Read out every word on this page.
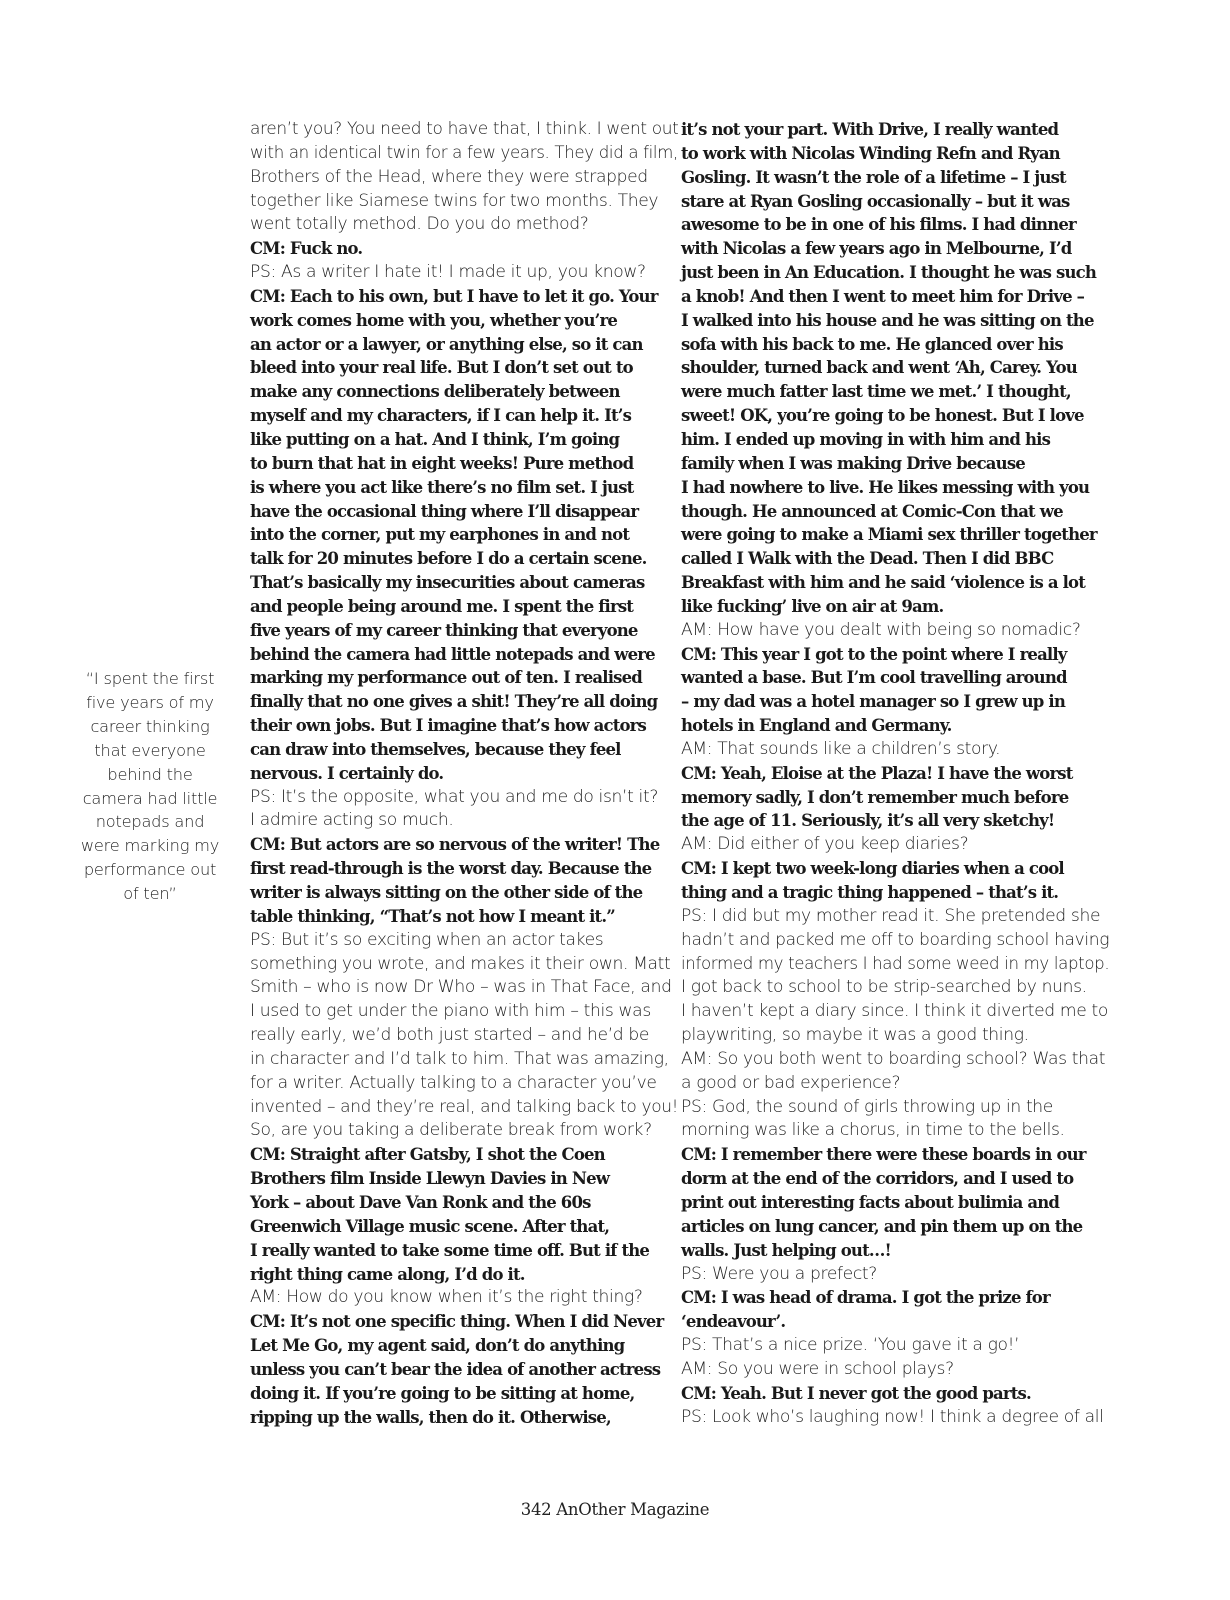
“I spent the first
five years of my
career thinking
that everyone
behind the
camera had little
notepads and
were marking my
performance out
of ten”
aren’t you? You need to have that, I think. I went out
with an identical twin for a few years. They did a film,
Brothers of the Head, where they were strapped
together like Siamese twins for two months. They
went totally method. Do you do method?
CM: Fuck no.
PS: As a writer I hate it! I made it up, you know?
CM: Each to his own, but I have to let it go. Your
work comes home with you, whether you’re
an actor or a lawyer, or anything else, so it can
bleed into your real life. But I don’t set out to
make any connections deliberately between
myself and my characters, if I can help it. It’s
like putting on a hat. And I think, I’m going
to burn that hat in eight weeks! Pure method
is where you act like there’s no film set. I just
have the occasional thing where I’ll disappear
into the corner, put my earphones in and not
talk for 20 minutes before I do a certain scene.
That’s basically my insecurities about cameras
and people being around me. I spent the first
five years of my career thinking that everyone
behind the camera had little notepads and were
marking my performance out of ten. I realised
finally that no one gives a shit! They’re all doing
their own jobs. But I imagine that’s how actors
can draw into themselves, because they feel
nervous. I certainly do.
PS: It’s the opposite, what you and me do isn’t it?
I admire acting so much.
CM: But actors are so nervous of the writer! The
first read-through is the worst day. Because the
writer is always sitting on the other side of the
table thinking, “That’s not how I meant it.”
PS: But it’s so exciting when an actor takes
something you wrote, and makes it their own. Matt
Smith – who is now Dr Who – was in That Face, and
I used to get under the piano with him – this was
really early, we’d both just started – and he’d be
in character and I’d talk to him. That was amazing,
for a writer. Actually talking to a character you’ve
invented – and they’re real, and talking back to you!
So, are you taking a deliberate break from work?
CM: Straight after Gatsby, I shot the Coen
Brothers film Inside Llewyn Davies in New
York – about Dave Van Ronk and the 60s
Greenwich Village music scene. After that,
I really wanted to take some time off. But if the
right thing came along, I’d do it.
AM: How do you know when it’s the right thing?
CM: It’s not one specific thing. When I did Never
Let Me Go, my agent said, don’t do anything
unless you can’t bear the idea of another actress
doing it. If you’re going to be sitting at home,
ripping up the walls, then do it. Otherwise,
it’s not your part. With Drive, I really wanted
to work with Nicolas Winding Refn and Ryan
Gosling. It wasn’t the role of a lifetime – I just
stare at Ryan Gosling occasionally – but it was
awesome to be in one of his films. I had dinner
with Nicolas a few years ago in Melbourne, I’d
just been in An Education. I thought he was such
a knob! And then I went to meet him for Drive –
I walked into his house and he was sitting on the
sofa with his back to me. He glanced over his
shoulder, turned back and went ‘Ah, Carey. You
were much fatter last time we met.’ I thought,
sweet! OK, you’re going to be honest. But I love
him. I ended up moving in with him and his
family when I was making Drive because
I had nowhere to live. He likes messing with you
though. He announced at Comic-Con that we
were going to make a Miami sex thriller together
called I Walk with the Dead. Then I did BBC
Breakfast with him and he said ‘violence is a lot
like fucking’ live on air at 9am.
AM: How have you dealt with being so nomadic?
CM: This year I got to the point where I really
wanted a base. But I’m cool travelling around
– my dad was a hotel manager so I grew up in
hotels in England and Germany.
AM: That sounds like a children’s story.
CM: Yeah, Eloise at the Plaza! I have the worst
memory sadly, I don’t remember much before
the age of 11. Seriously, it’s all very sketchy!
AM: Did either of you keep diaries?
CM: I kept two week-long diaries when a cool
thing and a tragic thing happened – that’s it.
PS: I did but my mother read it. She pretended she
hadn’t and packed me off to boarding school having
informed my teachers I had some weed in my laptop.
I got back to school to be strip-searched by nuns.
I haven’t kept a diary since. I think it diverted me to
playwriting, so maybe it was a good thing.
AM: So you both went to boarding school? Was that
a good or bad experience?
PS: God, the sound of girls throwing up in the
morning was like a chorus, in time to the bells.
CM: I remember there were these boards in our
dorm at the end of the corridors, and I used to
print out interesting facts about bulimia and
articles on lung cancer, and pin them up on the
walls. Just helping out…!
PS: Were you a prefect?
CM: I was head of drama. I got the prize for
‘endeavour’.
PS: That’s a nice prize. ‘You gave it a go!’
AM: So you were in school plays?
CM: Yeah. But I never got the good parts.
PS: Look who’s laughing now! I think a degree of all
342 AnOther Magazine
